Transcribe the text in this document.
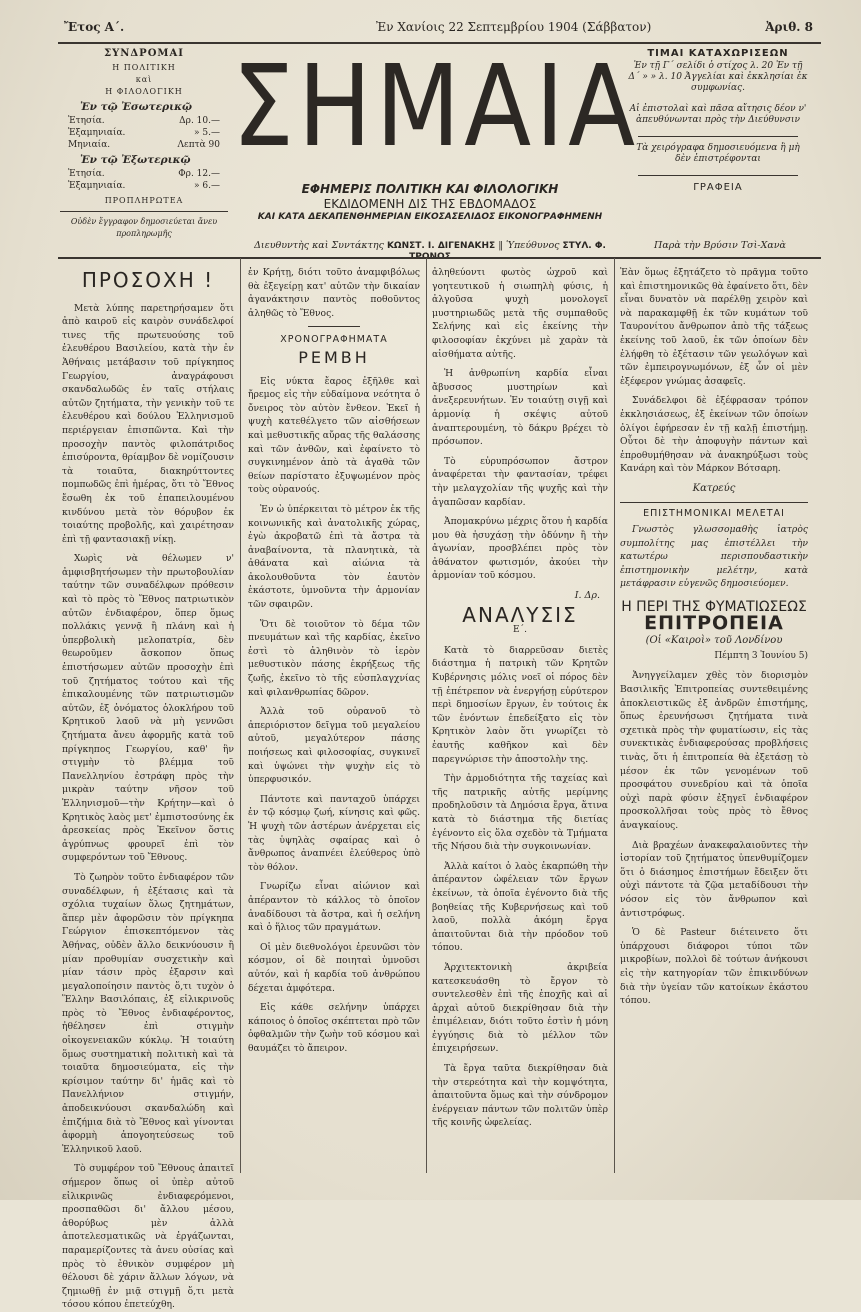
Ἔτος Α΄.	Ἐν Χανίοις 22 Σεπτεμβρίου 1904 (Σάββατον)	Ἀριθ. 8
ΣΥΝΔΡΟΜΑΙ
Η ΠΟΛΙΤΙΚΗ
καὶ
Η ΦΙΛΟΛΟΓΙΚΗ
Ἐν τῷ Ἐσωτερικῷ
Ἐτησία.	Δρ. 10.—
Ἑξαμηνιαία.	» 5.—
Μηνιαία.	Λεπτὰ 90
Ἐν τῷ Ἐξωτερικῷ
Ἐτησία.	Φρ. 12.—
Ἑξαμηνιαία.	» 6.—
ΠΡΟΠΛΗΡΩΤΕΑ
Οὐδὲν ἔγγραφον δημοσιεύεται ἄνευ προπληρωμῆς
ΣΗΜΑΙΑ
ΕΦΗΜΕΡΙΣ ΠΟΛΙΤΙΚΗ ΚΑΙ ΦΙΛΟΛΟΓΙΚΗ
ΕΚΔΙΔΟΜΕΝΗ ΔΙΣ ΤΗΣ ΕΒΔΟΜΑΔΟΣ
ΚΑΙ ΚΑΤΑ ΔΕΚΑΠΕΝΘΗΜΕΡΙΑΝ ΕΙΚΟΣΑΣΕΛΙΔΟΣ ΕΙΚΟΝΟΓΡΑΦΗΜΕΝΗ
ΤΙΜΑΙ ΚΑΤΑΧΩΡΙΣΕΩΝ

Ἐν τῇ Γ΄ σελίδι ὁ στίχος λ. 20 Ἐν τῇ Δ΄ » » λ. 10 Ἀγγελίαι καὶ ἐκκλησίαι ἐκ συμφωνίας.

Αἱ ἐπιστολαὶ καὶ πᾶσα αἴτησις δέον ν' ἀπευθύνωνται πρὸς τὴν Διεύθυνσιν

Τὰ χειρόγραφα δημοσιευόμενα ἢ μὴ δὲν ἐπιστρέφονται

ΓΡΑΦΕΙΑ
Διευθυντὴς καὶ Συντάκτης ΚΩΝΣΤ. Ι. ΔΙΓΕΝΑΚΗΣ ‖ Ὑπεύθυνος ΣΤΥΛ. Φ. ΤΡΟΝΟΣ
Παρὰ τὴν Βρύσιν Τσὶ-Χανὰ
ΠΡΟΣΟΧΗ !

Μετὰ λύπης παρετηρήσαμεν ὅτι ἀπὸ καιροῦ εἰς καιρὸν συνάδελφοί τινες τῆς πρωτευούσης τοῦ ἐλευθέρου Βασιλείου, κατὰ τὴν ἐν Ἀθήναις μετάβασιν τοῦ πρίγκηπος Γεωργίου, ἀναγράφουσι σκανδαλωδῶς ἐν ταῖς στήλαις αὐτῶν ζητήματα, τὴν γενικὴν τοῦ τε ἐλευθέρου καὶ δούλου Ἑλληνισμοῦ περιέργειαν ἐπισπῶντα. Καὶ τὴν προσοχὴν παντὸς φιλοπάτριδος ἐπισύροντα, θρίαμβον δὲ νομίζουσιν τὰ τοιαῦτα, διακηρύττοντες πομπωδῶς ἐπὶ ἡμέρας, ὅτι τὸ Ἔθνος ἔσωθη ἐκ τοῦ ἐπαπειλουμένου κινδύνου μετὰ τὸν θόρυβον ἐκ τοιαύτης προβολῆς, καὶ χαιρέτησαν ἐπὶ τῇ φαντασιακῇ νίκῃ.

Χωρὶς νὰ θέλωμεν ν' ἀμφισβητήσωμεν τὴν πρωτοβουλίαν ταύτην τῶν συναδέλφων πρόθεσιν καὶ τὸ πρὸς τὸ Ἔθνος πατριωτικὸν αὐτῶν ἐνδιαφέρον, ὅπερ ὅμως πολλάκις γεννᾷ ἢ πλάνη καὶ ἡ ὑπερβολικὴ μελοπατρία, δὲν θεωροῦμεν ἄσκοπον ὅπως ἐπιστήσωμεν αὐτῶν προσοχὴν ἐπὶ τοῦ ζητήματος τούτου καὶ τῆς ἐπικαλουμένης τῶν πατριωτισμῶν αὐτῶν, ἐξ ὀνόματος ὁλοκλήρου τοῦ Κρητικοῦ λαοῦ νὰ μὴ γεννῶσι ζητήματα ἄνευ ἀφορμῆς κατὰ τοῦ πρίγκηπος Γεωργίου, καθ' ἣν στιγμὴν τὸ βλέμμα τοῦ Πανελληνίου ἐστράφη πρὸς τὴν μικρὰν ταύτην νῆσον τοῦ Ἑλληνισμοῦ—τὴν Κρήτην—καὶ ὁ Κρητικὸς λαὸς μετ' ἐμπιστοσύνης ἐκ ἀρεσκείας πρὸς Ἐκεῖνον ὅστις ἀγρύπνως φρουρεῖ ἐπὶ τὸν συμφερόντων τοῦ Ἔθνους.

Τὸ ζωηρὸν τοῦτο ἐνδιαφέρον τῶν συναδέλφων, ἡ ἐξέτασις καὶ τὰ σχόλια τυχαίων ὅλως ζητημάτων, ἅπερ μὲν ἀφορῶσιν τὸν πρίγκηπα Γεώργιον ἐπισκεπτόμενον τὰς Ἀθήνας, οὐδὲν ἄλλο δεικνύουσιν ἢ μίαν προθυμίαν συσχετικὴν καὶ μίαν τάσιν πρὸς ἐξαρσιν καὶ μεγαλοποίησιν παντὸς ὅ,τι τυχὸν ὁ Ἕλλην Βασιλόπαις, ἐξ εἰλικρινοῦς πρὸς τὸ Ἔθνος ἐνδιαφέροντος, ἠθέλησεν ἐπὶ στιγμὴν οἰκογενειακῶν κύκλῳ. Ἡ τοιαύτη ὅμως συστηματικὴ πολιτικὴ καὶ τὰ τοιαῦτα δημοσιεύματα, εἰς τὴν κρίσιμον ταύτην δι' ἡμᾶς καὶ τὸ Πανελλήνιον στιγμήν, ἀποδεικνύουσι σκανδαλώδη καὶ ἐπιζήμια διὰ τὸ Ἔθνος καὶ γίνονται ἀφορμὴ ἀπογοητεύσεως τοῦ Ἑλληνικοῦ λαοῦ.

Τὸ συμφέρον τοῦ Ἔθνους ἀπαιτεῖ σήμερον ὅπως οἱ ὑπὲρ αὐτοῦ εἰλικρινῶς ἐνδιαφερόμενοι, προσπαθῶσι δι' ἄλλου μέσου, ἀθορύβως μὲν ἀλλὰ ἀποτελεσματικῶς νὰ ἐργάζωνται, παραμερίζοντες τὰ ἀνευ οὐσίας καὶ πρὸς τὸ ἐθνικὸν συμφέρον μὴ θέλουσι δὲ χάριν ἄλλων λόγων, νὰ ζημιωθῇ ἐν μιᾷ στιγμῇ ὅ,τι μετὰ τόσου κόπου ἐπετεύχθη.

ἐν Κρήτῃ, διότι τοῦτο ἀναμφιβόλως θὰ ἐξεγείρῃ κατ' αὐτῶν τὴν δικαίαν ἀγανάκτησιν παντὸς ποθοῦντος ἀληθῶς τὸ Ἔθνος.

ΧΡΟΝΟΓΡΑΦΗΜΑΤΑ
ΡΕΜΒΗ

Εἰς νύκτα ἔαρος ἐξῆλθε καὶ ἤρεμος εἰς τὴν εὐδαίμονα νεότητα ὁ ὄνειρος τὸν αὐτὸν ἔνθεον. Ἐκεῖ ἡ ψυχὴ κατεθέλγετο τῶν αἰσθήσεων καὶ μεθυστικῆς αὔρας τῆς θαλάσσης καὶ τῶν ἀνθῶν, καὶ ἐφαίνετο τὸ συγκινημένον ἀπὸ τὰ ἀγαθὰ τῶν θείων παρίστατο ἐξυψωμένον πρὸς τοὺς οὐρανούς.

Ἐν ὠ ὑπέρκειται τὸ μέτρον ἐκ τῆς κοινωνικῆς καὶ ἀνατολικῆς χώρας, ἐγὼ ἀκροβατῶ ἐπὶ τὰ ἄστρα τὰ ἀναβαίνοντα, τὰ πλανητικὰ, τὰ ἀθάνατα καὶ αἰώνια τὰ ἀκολουθοῦντα τὸν ἑαυτὸν ἑκάστοτε, ὑμνοῦντα τὴν ἁρμονίαν τῶν σφαιρῶν.

Ὅτι δὲ τοιοῦτον τὸ δέμα τῶν πνευμάτων καὶ τῆς καρδίας, ἐκεῖνο ἐστὶ τὸ ἀληθινὸν τὸ ἱερὸν μεθυστικὸν πάσης ἐκρήξεως τῆς ζωῆς, ἐκεῖνο τὸ τῆς εὐσπλαγχνίας καὶ φιλανθρωπίας δῶρον.

Ἀλλὰ τοῦ οὐρανοῦ τὸ ἀπεριόριστον δεῖγμα τοῦ μεγαλείου αὐτοῦ, μεγαλύτερον πάσης ποιήσεως καὶ φιλοσοφίας, συγκινεῖ καὶ ὑψώνει τὴν ψυχὴν εἰς τὸ ὑπερφυσικόν.

Πάντοτε καὶ πανταχοῦ ὑπάρχει ἐν τῷ κόσμῳ ζωή, κίνησις καὶ φῶς. Ἡ ψυχὴ τῶν ἀστέρων ἀνέρχεται εἰς τὰς ὑψηλὰς σφαίρας καὶ ὁ ἄνθρωπος ἀναπνέει ἐλεύθερος ὑπὸ τὸν θόλον.

Γνωρίζω εἶναι αἰώνιον καὶ ἀπέραντον τὸ κάλλος τὸ ὁποῖον ἀναδίδουσι τὰ ἄστρα, καὶ ἡ σελήνη καὶ ὁ ἥλιος τῶν πραγμάτων.

Οἱ μὲν διεθνολόγοι ἐρευνῶσι τὸν κόσμον, οἱ δὲ ποιηταὶ ὑμνοῦσι αὐτόν, καὶ ἡ καρδία τοῦ ἀνθρώπου δέχεται ἀμφότερα.

Εἰς κάθε σελήνην ὑπάρχει κάποιος ὁ ὁποῖος σκέπτεται πρὸ τῶν ὀφθαλμῶν τὴν ζωὴν τοῦ κόσμου καὶ θαυμάζει τὸ ἄπειρον.

ἀληθεύοντι φωτὸς ὠχροῦ καὶ γοητευτικοῦ ἡ σιωπηλὴ φύσις, ἡ ἀλγοῦσα ψυχὴ μονολογεῖ μυστηριωδῶς μετὰ τῆς συμπαθοῦς Σελήνης καὶ εἰς ἐκείνης τὴν φιλοσοφίαν ἐκχύνει μὲ χαρὰν τὰ αἰσθήματα αὐτῆς.

Ἡ ἀνθρωπίνη καρδία εἶναι ἄβυσσος μυστηρίων καὶ ἀνεξερευνήτων. Ἐν τοιαύτῃ σιγῇ καὶ ἁρμονίᾳ ἡ σκέψις αὐτοῦ ἀναπτερουμένη, τὸ δάκρυ βρέχει τὸ πρόσωπον.

Τὸ εὐρυπρόσωπον ἄστρον ἀναφέρεται τὴν φαντασίαν, τρέφει τὴν μελαγχολίαν τῆς ψυχῆς καὶ τὴν ἀγαπῶσαν καρδίαν.

Ἀπομακρύνω μέχρις ὅτου ἡ καρδία μου θὰ ἡσυχάσῃ τὴν ὀδύνην ἢ τὴν ἀγωνίαν, προσβλέπει πρὸς τὸν ἀθάνατον φωτισμόν, ἀκούει τὴν ἀρμονίαν τοῦ κόσμου.

Ι. Δρ.
ΑΝΑΛΥΣΙΣ
Ε΄.

Κατὰ τὸ διαρρεῦσαν διετὲς διάστημα ἡ πατρικὴ τῶν Κρητῶν Κυβέρνησις μόλις νοεῖ οἱ πόρος δὲν τῇ ἐπέτρεπον νὰ ἐνεργήσῃ εὐρύτερον περὶ δημοσίων ἔργων, ἐν τούτοις ἐκ τῶν ἐνόντων ἐπεδείξατο εἰς τὸν Κρητικὸν λαὸν ὅτι γνωρίζει τὸ ἑαυτῆς καθῆκον καὶ δὲν παρεγνώρισε τὴν ἀποστολὴν της.

Τὴν ἀρμοδιότητα τῆς ταχείας καὶ τῆς πατρικῆς αὐτῆς μερίμνης προδηλοῦσιν τὰ Δημόσια ἔργα, ἅτινα κατὰ τὸ διάστημα τῆς διετίας ἐγένοντο εἰς ὅλα σχεδὸν τὰ Τμήματα τῆς Νήσου διὰ τὴν συγκοινωνίαν.

Ἀλλὰ καίτοι ὁ λαὸς ἐκαρπώθη τὴν ἀπέραντον ὠφέλειαν τῶν ἔργων ἐκείνων, τὰ ὁποῖα ἐγένοντο διὰ τῆς βοηθείας τῆς Κυβερνήσεως καὶ τοῦ λαοῦ, πολλὰ ἀκόμη ἔργα ἀπαιτοῦνται διὰ τὴν πρόοδον τοῦ τόπου.

Ἀρχιτεκτονικὴ ἀκριβεία κατεσκευάσθη τὸ ἔργον τὸ συντελεσθὲν ἐπὶ τῆς ἐποχῆς καὶ αἱ ἀρχαὶ αὐτοῦ διεκρίθησαν διὰ τὴν ἐπιμέλειαν, διότι τοῦτο ἐστὶν ἡ μόνη ἐγγύησις διὰ τὸ μέλλον τῶν ἐπιχειρήσεων.

Τὰ ἔργα ταῦτα διεκρίθησαν διὰ τὴν στερεότητα καὶ τὴν κομψότητα, ἀπαιτοῦντα ὅμως καὶ τὴν σύνδρομον ἐνέργειαν πάντων τῶν πολιτῶν ὑπὲρ τῆς κοινῆς ὠφελείας.

Ἐὰν ὅμως ἐξητάζετο τὸ πρᾶγμα τοῦτο καὶ ἐπιστημονικῶς θὰ ἐφαίνετο ὅτι, δὲν εἶναι δυνατὸν νὰ παρέλθῃ χειρὸν καὶ νὰ παρακαμφθῇ ἐκ τῶν κυμάτων τοῦ Ταυρονίτου ἄνθρωπον ἀπὸ τῆς τάξεως ἐκείνης τοῦ λαοῦ, ἐκ τῶν ὁποίων δὲν ἐλήφθη τὸ ἐξέτασιν τῶν γεωλόγων καὶ τῶν ἐμπειρογνωμόνων, ἐξ ὧν οἱ μὲν ἐξέφερον γνώμας ἀσαφεῖς.

Συνάδελφοι δὲ ἐξέφρασαν τρόπον ἐκκλησιάσεως, ἐξ ἐκείνων τῶν ὁποίων ὀλίγοι ἐφήρεσαν ἐν τῇ καλῇ ἐπιστήμῃ. Οὗτοι δὲ τὴν ἀποφυγὴν πάντων καὶ ἐπροθυμήθησαν νὰ ἀνακηρύξωσι τοὺς Κανάρη καὶ τὸν Μάρκον Βότσαρη.

Κατρεύς
ΕΠΙΣΤΗΜΟΝΙΚΑΙ ΜΕΛΕΤΑΙ

Γνωστὸς γλωσσομαθὴς ἰατρὸς συμπολίτης μας ἐπιστέλλει τὴν κατωτέρω περισπουδαστικὴν ἐπιστημονικὴν μελέτην, κατὰ μετάφρασιν εὐγενῶς δημοσιεύομεν.

Η ΠΕΡΙ ΤΗΣ ΦΥΜΑΤΙΩΣΕΩΣ
ΕΠΙΤΡΟΠΕΙΑ
(Οἱ «Καιροὶ» τοῦ Λονδίνου
Πέμπτη 3 Ἰουνίου 5)

Ἀνηγγείλαμεν χθὲς τὸν διορισμὸν Βασιλικῆς Ἐπιτροπείας συντεθειμένης ἀποκλειστικῶς ἐξ ἀνδρῶν ἐπιστήμης, ὅπως ἐρευνήσωσι ζητήματα τινὰ σχετικὰ πρὸς τὴν φυματίωσιν, εἰς τὰς συνεκτικὰς ἐνδιαφερούσας προβλήσεις τινὰς, ὅτι ἡ ἐπιτροπεία θὰ ἐξετάσῃ τὸ μέσον ἐκ τῶν γενομένων τοῦ προσφάτου συνεδρίου καὶ τὰ ὁποῖα οὐχὶ παρὰ φύσιν ἐξηγεῖ ἐνδιαφέρον προσκολλῆσαι τοὺς πρὸς τὸ ἔθνος ἀναγκαίους.

Διὰ βραχέων ἀνακεφαλαιοῦντες τὴν ἱστορίαν τοῦ ζητήματος ὑπενθυμίζομεν ὅτι ὁ διάσημος ἐπιστήμων ἔδειξεν ὅτι οὐχὶ πάντοτε τὰ ζῷα μεταδίδουσι τὴν νόσον εἰς τὸν ἄνθρωπον καὶ ἀντιστρόφως.

Ὁ δὲ Pasteur διέτεινετο ὅτι ὑπάρχουσι διάφοροι τύποι τῶν μικροβίων, πολλοὶ δὲ τούτων ἀνήκουσι εἰς τὴν κατηγορίαν τῶν ἐπικινδύνων διὰ τὴν ὑγείαν τῶν κατοίκων ἑκάστου τόπου.
